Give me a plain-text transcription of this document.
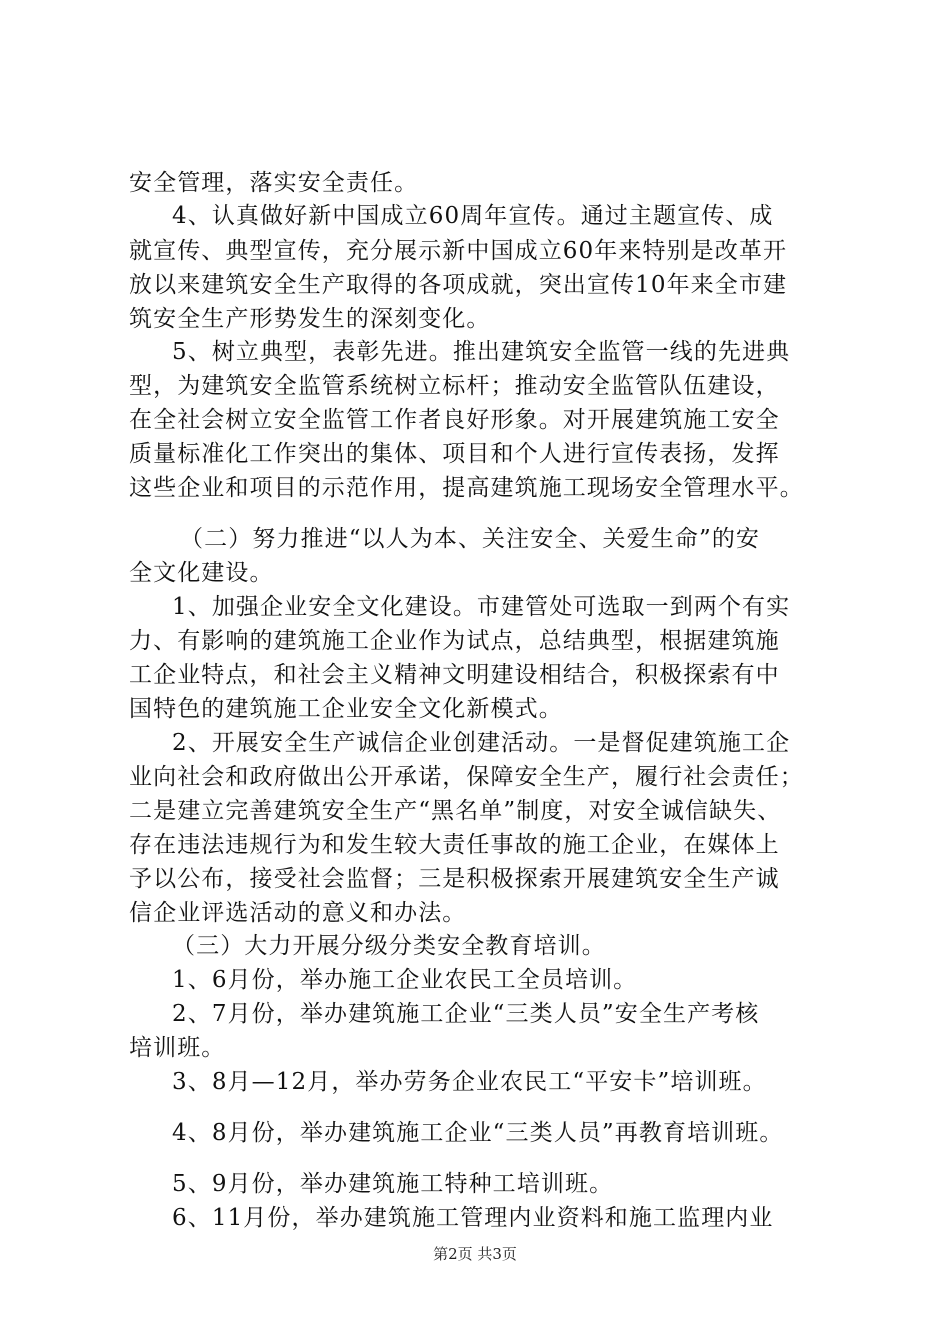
安全管理，落实安全责任。
4、认真做好新中国成立60周年宣传。通过主题宣传、成
就宣传、典型宣传，充分展示新中国成立60年来特别是改革开
放以来建筑安全生产取得的各项成就，突出宣传10年来全市建
筑安全生产形势发生的深刻变化。
5、树立典型，表彰先进。推出建筑安全监管一线的先进典
型，为建筑安全监管系统树立标杆；推动安全监管队伍建设，
在全社会树立安全监管工作者良好形象。对开展建筑施工安全
质量标准化工作突出的集体、项目和个人进行宣传表扬，发挥
这些企业和项目的示范作用，提高建筑施工现场安全管理水平。
（二）努力推进“以人为本、关注安全、关爱生命”的安
全文化建设。
1、加强企业安全文化建设。市建管处可选取一到两个有实
力、有影响的建筑施工企业作为试点，总结典型，根据建筑施
工企业特点，和社会主义精神文明建设相结合，积极探索有中
国特色的建筑施工企业安全文化新模式。
2、开展安全生产诚信企业创建活动。一是督促建筑施工企
业向社会和政府做出公开承诺，保障安全生产，履行社会责任；
二是建立完善建筑安全生产“黑名单”制度，对安全诚信缺失、
存在违法违规行为和发生较大责任事故的施工企业，在媒体上
予以公布，接受社会监督；三是积极探索开展建筑安全生产诚
信企业评选活动的意义和办法。
（三）大力开展分级分类安全教育培训。
1、6月份，举办施工企业农民工全员培训。
2、7月份，举办建筑施工企业“三类人员”安全生产考核
培训班。
3、8月—12月，举办劳务企业农民工“平安卡”培训班。
4、8月份，举办建筑施工企业“三类人员”再教育培训班。
5、9月份，举办建筑施工特种工培训班。
6、11月份，举办建筑施工管理内业资料和施工监理内业
第2页 共3页
